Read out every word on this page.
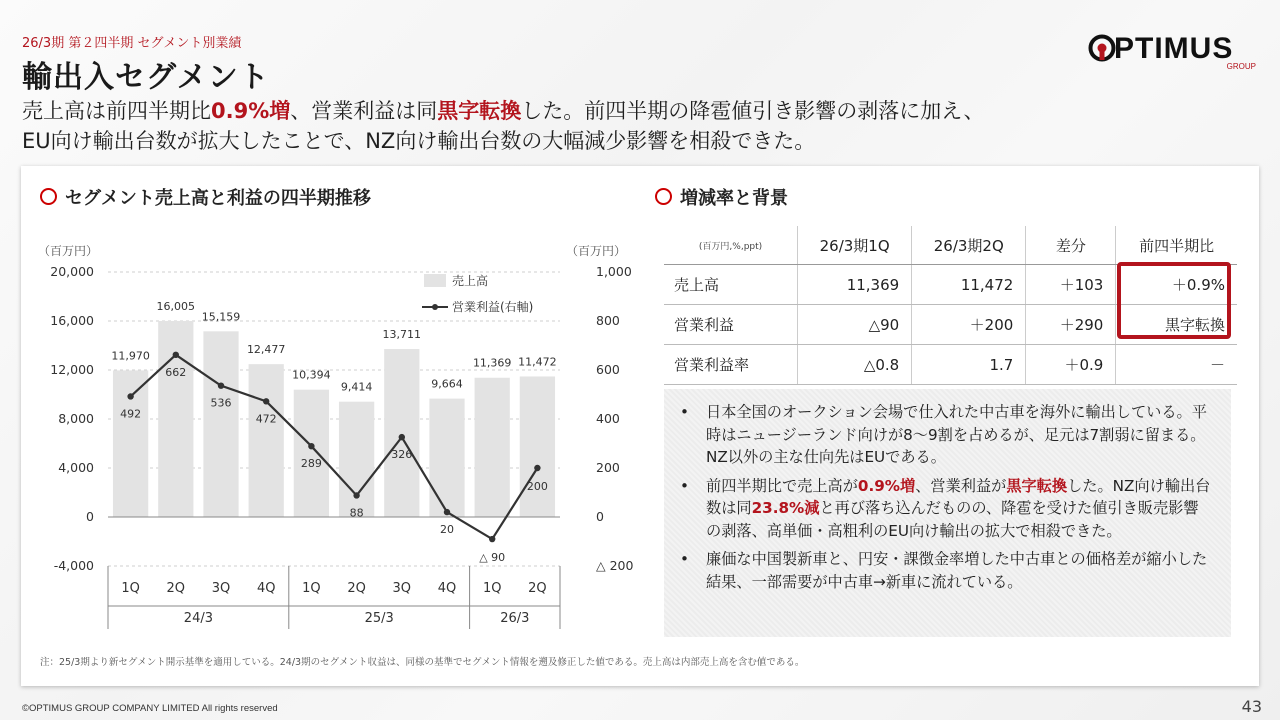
26/3期 第２四半期 セグメント別業績
輸出入セグメント
売上高は前四半期比0.9%増、営業利益は同黒字転換した。前四半期の降雹値引き影響の剥落に加え、
EU向け輸出台数が拡大したことで、NZ向け輸出台数の大幅減少影響を相殺できた。
PTIMUS
GROUP
セグメント売上高と利益の四半期推移	増減率と背景
（百万円）	（百万円）
20,000	1,000
16,000	800
12,000	600
8,000	400
4,000	200
0	0
-4,000	△ 200
11,970
16,005
15,159
12,477
10,394
9,414
13,711
9,664
11,369 11,472
492
662
536
472
289
88
326
20
△ 90
200
売上高
営業利益(右軸)
1Q 2Q 3Q 4Q 1Q 2Q 3Q 4Q 1Q 2Q
24/3	25/3	26/3
(百万円,%,ppt)	26/3期1Q	26/3期2Q	差分	前四半期比
売上高	11,369	11,472	＋103	＋0.9%
営業利益	△90	＋200	＋290	黒字転換
営業利益率	△0.8	1.7	＋0.9	－
• 日本全国のオークション会場で仕入れた中古車を海外に輸出している。平時はニュージーランド向けが8～9割を占めるが、足元は7割弱に留まる。NZ以外の主な仕向先はEUである。
• 前四半期比で売上高が0.9%増、営業利益が黒字転換した。NZ向け輸出台数は同23.8%減と再び落ち込んだものの、降雹を受けた値引き販売影響の剥落、高単価・高粗利のEU向け輸出の拡大で相殺できた。
• 廉価な中国製新車と、円安・課徴金率増した中古車との価格差が縮小した結果、一部需要が中古車→新車に流れている。
注：25/3期より新セグメント開示基準を適用している。24/3期のセグメント収益は、同様の基準でセグメント情報を遡及修正した値である。売上高は内部売上高を含む値である。
©OPTIMUS GROUP COMPANY LIMITED All rights reserved	43
